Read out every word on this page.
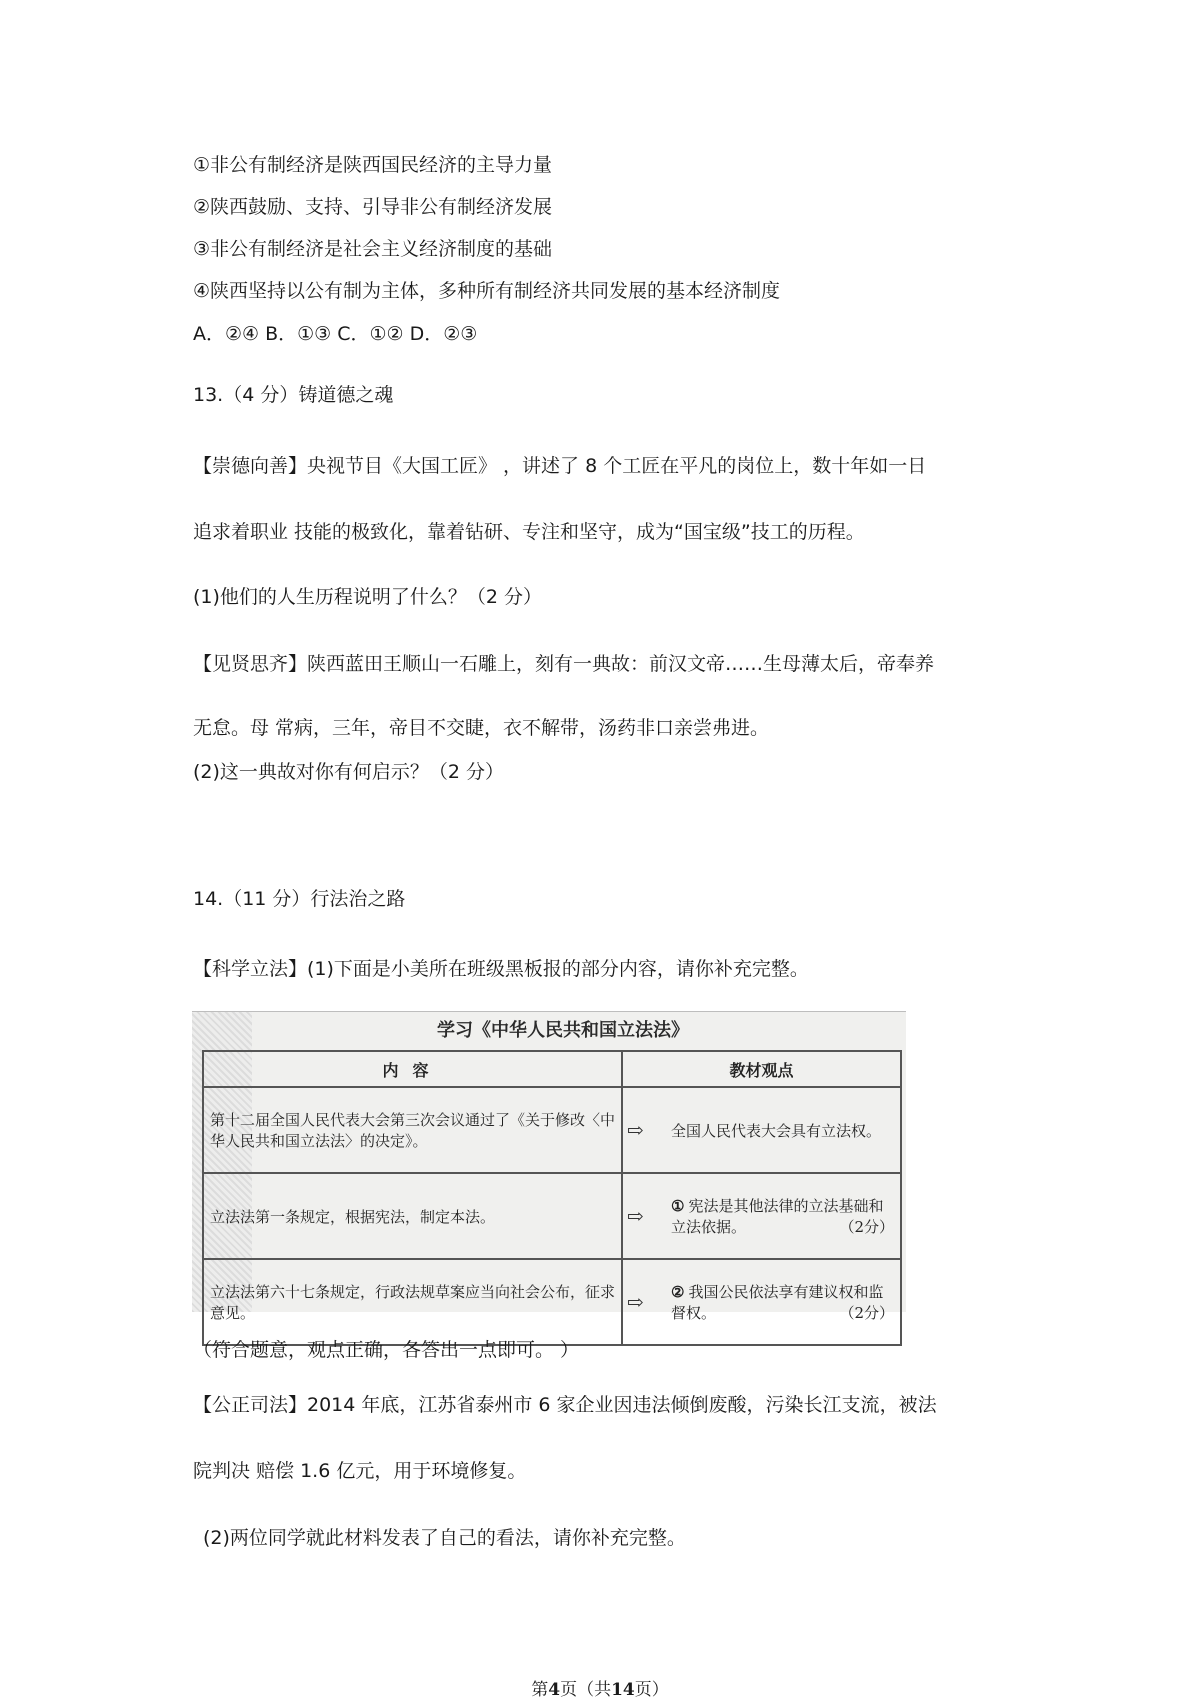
①非公有制经济是陕西国民经济的主导力量
②陕西鼓励、支持、引导非公有制经济发展
③非公有制经济是社会主义经济制度的基础
④陕西坚持以公有制为主体，多种所有制经济共同发展的基本经济制度
A．②④ B．①③ C．①② D．②③
13.（4 分）铸道德之魂
【崇德向善】央视节目《大国工匠》 ，讲述了 8 个工匠在平凡的岗位上，数十年如一日
追求着职业 技能的极致化，靠着钻研、专注和坚守，成为“国宝级”技工的历程。
(1)他们的人生历程说明了什么？（2 分）
【见贤思齐】陕西蓝田王顺山一石雕上，刻有一典故：前汉文帝……生母薄太后，帝奉养
无怠。母 常病，三年，帝目不交睫，衣不解带，汤药非口亲尝弗进。
(2)这一典故对你有何启示？（2 分）
14.（11 分）行法治之路
【科学立法】(1)下面是小美所在班级黑板报的部分内容，请你补充完整。
学习《中华人民共和国立法法》
内容	教材观点
第十二届全国人民代表大会第三次会议通过了《关于修改〈中华人民共和国立法法〉的决定》。	⇨ 全国人民代表大会具有立法权。
立法法第一条规定，根据宪法，制定本法。	⇨ ① 宪法是其他法律的立法基础和立法依据。 （2分）

立法法第六十七条规定，行政法规草案应当向社会公布，征求意见。	⇨ ② 我国公民依法享有建议权和监督权。 （2分）
（符合题意，观点正确，各答出一点即可。 ）
【公正司法】2014 年底，江苏省泰州市 6 家企业因违法倾倒废酸，污染长江支流，被法
院判决 赔偿 1.6 亿元，用于环境修复。
(2)两位同学就此材料发表了自己的看法，请你补充完整。
第4页（共14页）
